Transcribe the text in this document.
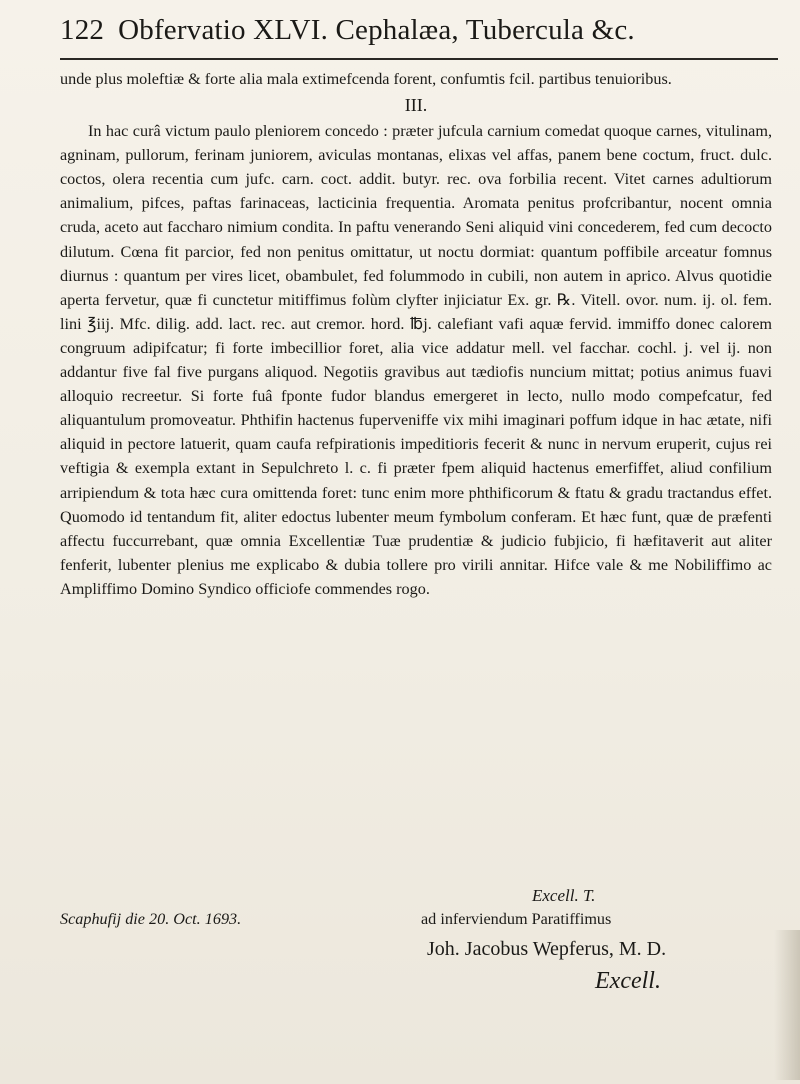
122 Obfervatio XLVI. Cephalæa, Tubercula &c.

unde plus moleftiæ & forte alia mala extimefcenda forent, confumtis fcil. partibus tenuioribus.

III.

In hac curâ victum paulo pleniorem concedo : præter jufcula carnium comedat quoque carnes, vitulinam, agninam, pullorum, ferinam juniorem, aviculas montanas, elixas vel affas, panem bene coctum, fruct. dulc. coctos, olera recentia cum jufc. carn. coct. addit. butyr. rec. ova forbilia recent. Vitet carnes adultiorum animalium, pifces, paftas farinaceas, lacticinia frequentia. Aromata penitus profcribantur, nocent omnia cruda, aceto aut faccharo nimium condita. In paftu venerando Seni aliquid vini concederem, fed cum decocto dilutum. Cœna fit parcior, fed non penitus omittatur, ut noctu dormiat: quantum poffibile arceatur fomnus diurnus : quantum per vires licet, obambulet, fed folummodo in cubili, non autem in aprico. Alvus quotidie aperta fervetur, quæ fi cunctetur mitiffimus folùm clyfter injiciatur Ex. gr. ℞. Vitell. ovor. num. ij. ol. fem. lini ℥iij. Mfc. dilig. add. lact. rec. aut cremor. hord. ℔j. calefiant vafi aquæ fervid. immiffo donec calorem congruum adipifcatur; fi forte imbecillior foret, alia vice addatur mell. vel facchar. cochl. j. vel ij. non addantur five fal five purgans aliquod. Negotiis gravibus aut tædiofis nuncium mittat; potius animus fuavi alloquio recreetur. Si forte fuâ fponte fudor blandus emergeret in lecto, nullo modo compefcatur, fed aliquantulum promoveatur. Phthifin hactenus fuperveniffe vix mihi imaginari poffum idque in hac ætate, nifi aliquid in pectore latuerit, quam caufa refpirationis impeditioris fecerit & nunc in nervum eruperit, cujus rei veftigia & exempla extant in Sepulchreto l. c. fi præter fpem aliquid hactenus emerfiffet, aliud confilium arripiendum & tota hæc cura omittenda foret: tunc enim more phthificorum & ftatu & gradu tractandus effet. Quomodo id tentandum fit, aliter edoctus lubenter meum fymbolum conferam. Et hæc funt, quæ de præfenti affectu fuccurrebant, quæ omnia Excellentiæ Tuæ prudentiæ & judicio fubjicio, fi hæfitaverit aut aliter fenferit, lubenter plenius me explicabo & dubia tollere pro virili annitar. Hifce vale & me Nobiliffimo ac Ampliffimo Domino Syndico officiofe commendes rogo.

Excell. T.
Scaphufij die 20. Oct. 1693.	ad inferviendum Paratiffimus
Joh. Jacobus Wepferus, M. D.
Excell.
